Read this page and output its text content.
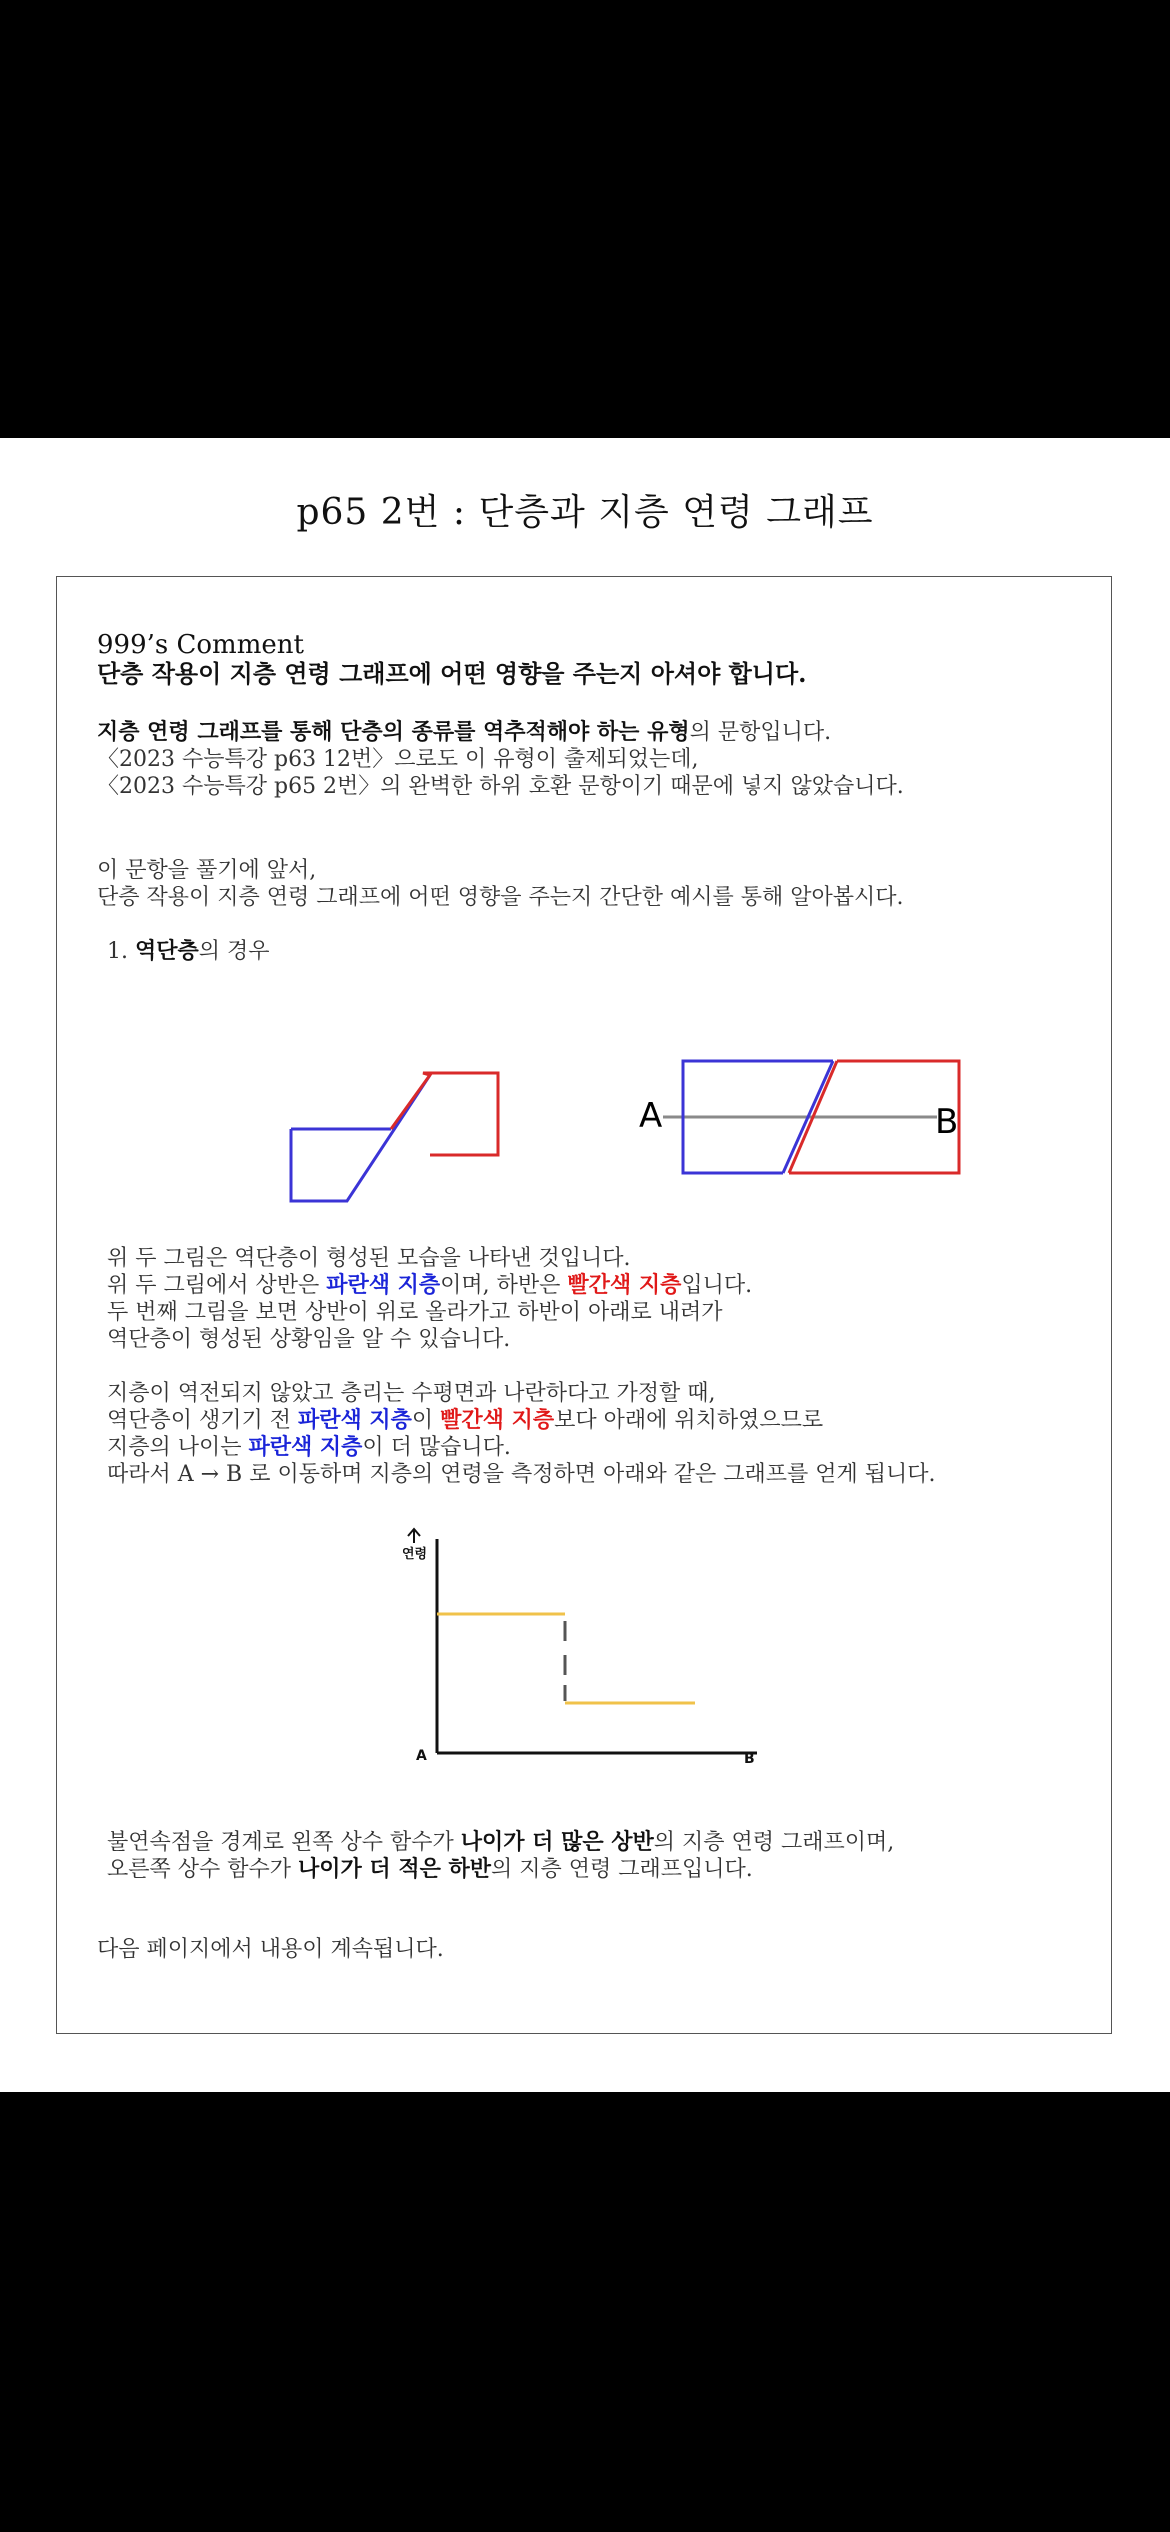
p65 2번 : 단층과 지층 연령 그래프
999’s Comment
단층 작용이 지층 연령 그래프에 어떤 영향을 주는지 아셔야 합니다.
지층 연령 그래프를 통해 단층의 종류를 역추적해야 하는 유형의 문항입니다.
〈2023 수능특강 p63 12번〉으로도 이 유형이 출제되었는데,
〈2023 수능특강 p65 2번〉의 완벽한 하위 호환 문항이기 때문에 넣지 않았습니다.
이 문항을 풀기에 앞서,
단층 작용이 지층 연령 그래프에 어떤 영향을 주는지 간단한 예시를 통해 알아봅시다.
1. 역단층의 경우
A	B
위 두 그림은 역단층이 형성된 모습을 나타낸 것입니다.
위 두 그림에서 상반은 파란색 지층이며, 하반은 빨간색 지층입니다.
두 번째 그림을 보면 상반이 위로 올라가고 하반이 아래로 내려가
역단층이 형성된 상황임을 알 수 있습니다.
지층이 역전되지 않았고 층리는 수평면과 나란하다고 가정할 때,
역단층이 생기기 전 파란색 지층이 빨간색 지층보다 아래에 위치하였으므로
지층의 나이는 파란색 지층이 더 많습니다.
따라서 A → B 로 이동하며 지층의 연령을 측정하면 아래와 같은 그래프를 얻게 됩니다.
연령
A	B
불연속점을 경계로 왼쪽 상수 함수가 나이가 더 많은 상반의 지층 연령 그래프이며,
오른쪽 상수 함수가 나이가 더 적은 하반의 지층 연령 그래프입니다.
다음 페이지에서 내용이 계속됩니다.
